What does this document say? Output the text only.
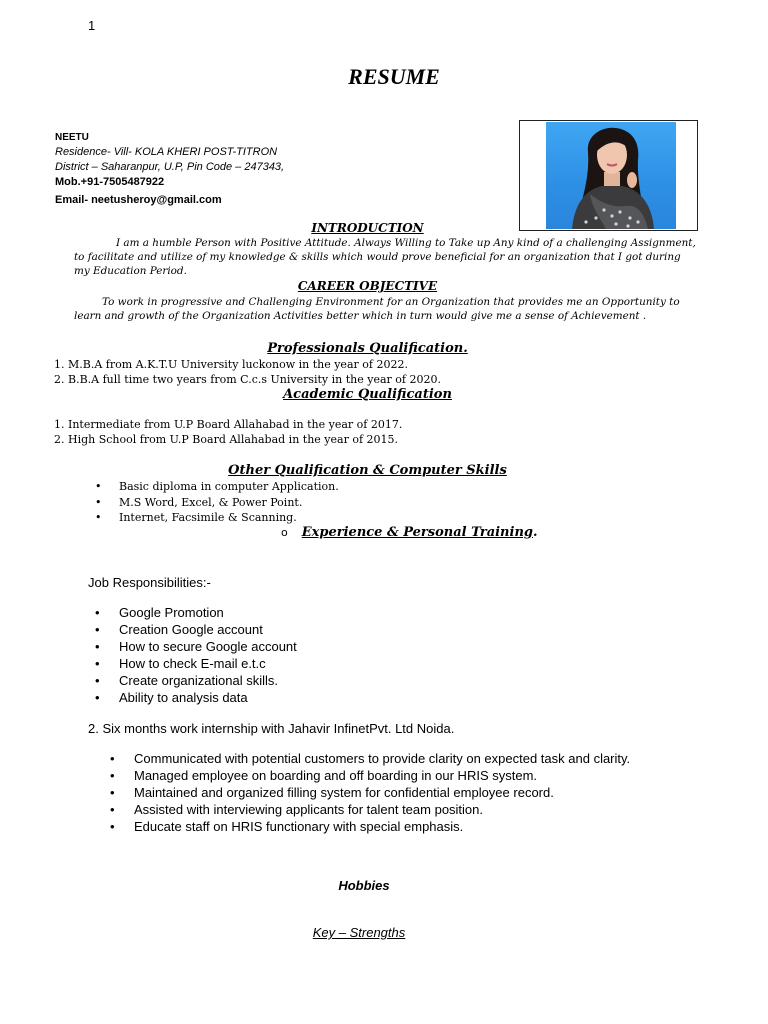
1
RESUME
NEETU
Residence- Vill- KOLA KHERI POST-TITRON
District – Saharanpur, U.P, Pin Code – 247343,
Mob.+91-7505487922
Email- neetusheroy@gmail.com
INTRODUCTION
I am a humble Person with Positive Attitude. Always Willing to Take up Any kind of a challenging Assignment,
to facilitate and utilize of my knowledge & skills which would prove beneficial for an organization that I got during
my Education Period.
CAREER OBJECTIVE
To work in progressive and Challenging Environment for an Organization that provides me an Opportunity to
learn and growth of the Organization Activities better which in turn would give me a sense of Achievement .
Professionals Qualification.
1. M.B.A from A.K.T.U University luckonow in the year of 2022.
2. B.B.A full time two years from C.c.s University in the year of 2020.
Academic Qualification
1. Intermediate from U.P Board Allahabad in the year of 2017.
2. High School from U.P Board Allahabad in the year of 2015.
Other Qualification & Computer Skills
• Basic diploma in computer Application.
• M.S Word, Excel, & Power Point.
• Internet, Facsimile & Scanning.
o Experience & Personal Training.
Job Responsibilities:-
• Google Promotion
• Creation Google account
• How to secure Google account
• How to check E-mail e.t.c
• Create organizational skills.
• Ability to analysis data
2. Six months work internship with Jahavir InfinetPvt. Ltd Noida.
• Communicated with potential customers to provide clarity on expected task and clarity.
• Managed employee on boarding and off boarding in our HRIS system.
• Maintained and organized filling system for confidential employee record.
• Assisted with interviewing applicants for talent team position.
• Educate staff on HRIS functionary with special emphasis.
Hobbies
Key – Strengths
